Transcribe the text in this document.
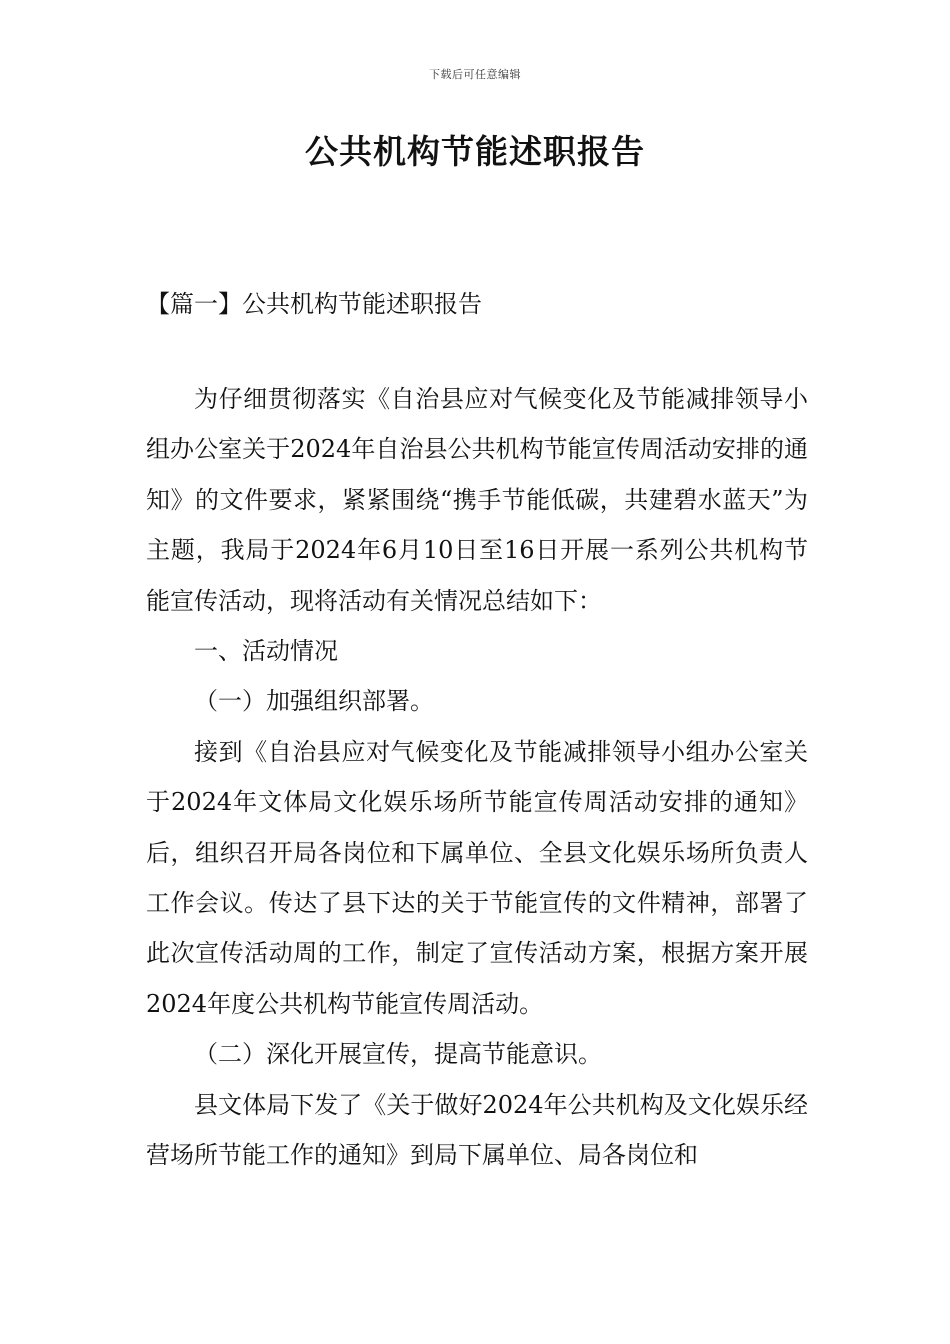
下载后可任意编辑
公共机构节能述职报告
【篇一】公共机构节能述职报告

为仔细贯彻落实《自治县应对气候变化及节能减排领导小组办公室关于2024年自治县公共机构节能宣传周活动安排的通知》的文件要求，紧紧围绕“携手节能低碳，共建碧水蓝天”为主题，我局于2024年6月10日至16日开展一系列公共机构节能宣传活动，现将活动有关情况总结如下：

一、活动情况

（一）加强组织部署。

接到《自治县应对气候变化及节能减排领导小组办公室关于2024年文体局文化娱乐场所节能宣传周活动安排的通知》后，组织召开局各岗位和下属单位、全县文化娱乐场所负责人工作会议。传达了县下达的关于节能宣传的文件精神，部署了此次宣传活动周的工作，制定了宣传活动方案，根据方案开展2024年度公共机构节能宣传周活动。

（二）深化开展宣传，提高节能意识。

县文体局下发了《关于做好2024年公共机构及文化娱乐经营场所节能工作的通知》到局下属单位、局各岗位和
